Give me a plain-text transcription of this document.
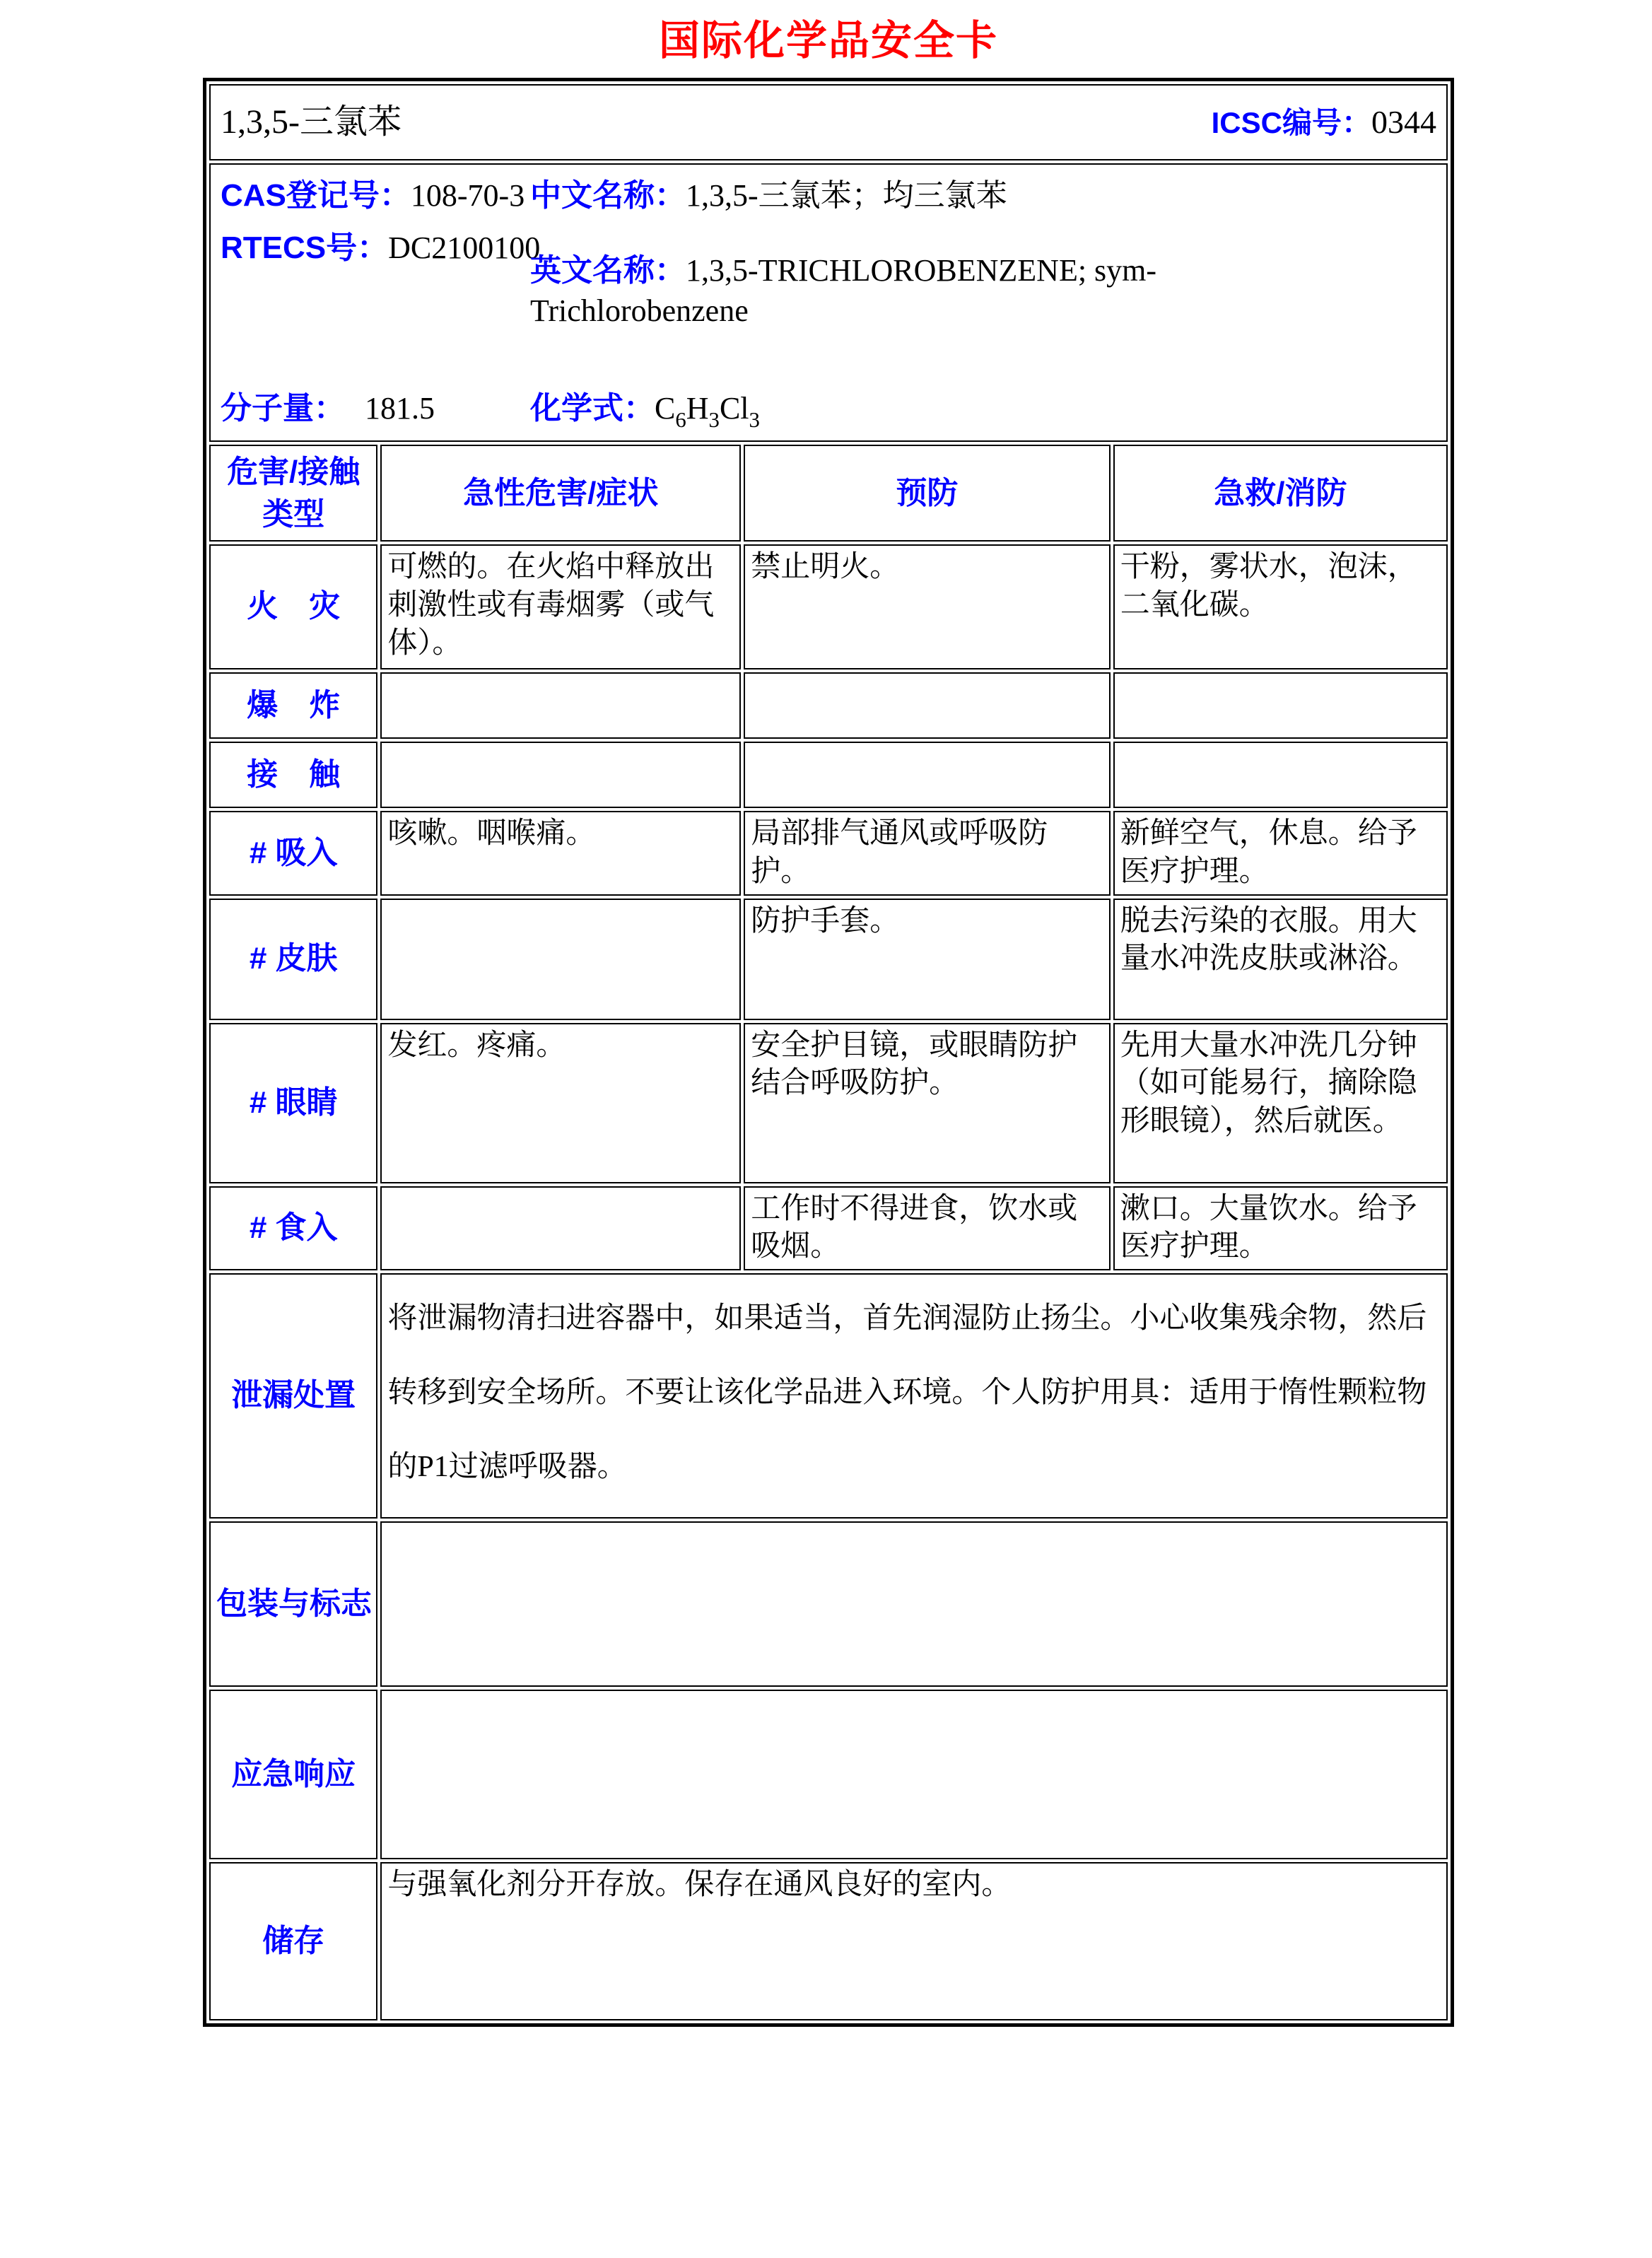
国际化学品安全卡
1,3,5-三氯苯 ICSC编号：0344			

CAS登记号：108-70-3
RTECS号：DC2100100
分子量： 181.5
中文名称：1,3,5-三氯苯；均三氯苯
英文名称：1,3,5-TRICHLOROBENZENE; sym-Trichlorobenzene
化学式：$C_6H_3Cl_3$

危害/接触类型	急性危害/症状	预防	急救/消防
火　灾	可燃的。在火焰中释放出刺激性或有毒烟雾（或气体）。	禁止明火。	干粉，雾状水，泡沫，二氧化碳。
爆　炸			
接　触			
# 吸入	咳嗽。咽喉痛。	局部排气通风或呼吸防护。	新鲜空气，休息。给予医疗护理。
# 皮肤		防护手套。	脱去污染的衣服。用大量水冲洗皮肤或淋浴。
# 眼睛	发红。疼痛。	安全护目镜，或眼睛防护结合呼吸防护。	先用大量水冲洗几分钟（如可能易行，摘除隐形眼镜），然后就医。
# 食入		工作时不得进食，饮水或吸烟。	漱口。大量饮水。给予医疗护理。
泄漏处置	将泄漏物清扫进容器中，如果适当，首先润湿防止扬尘。小心收集残余物，然后转移到安全场所。不要让该化学品进入环境。个人防护用具：适用于惰性颗粒物的P1过滤呼吸器。		
包装与标志			
应急响应			
储存	与强氧化剂分开存放。保存在通风良好的室内。		
